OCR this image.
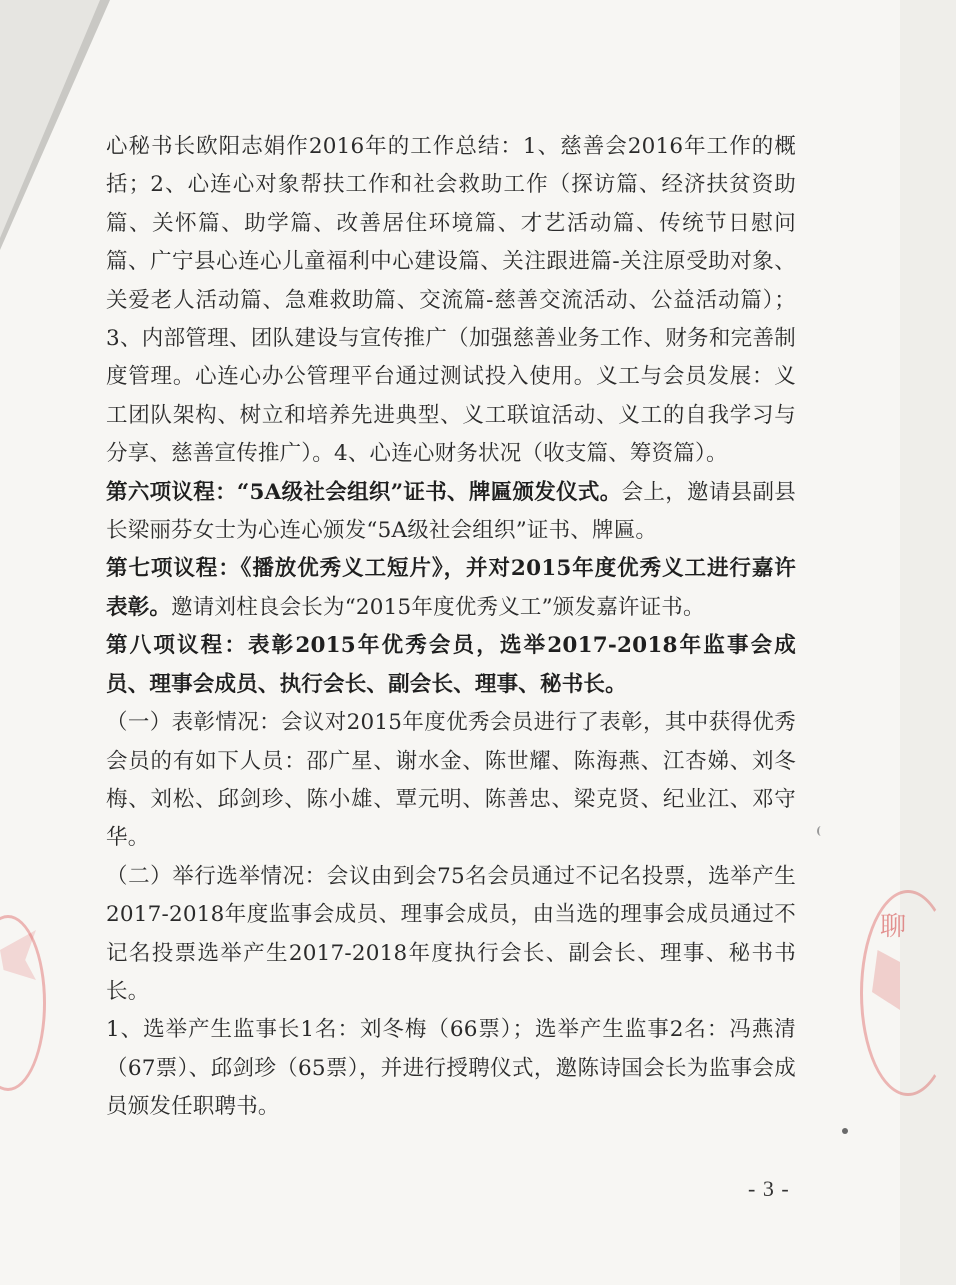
聊

心秘书长欧阳志娟作2016年的工作总结：1、慈善会2016年工作的概括；2、心连心对象帮扶工作和社会救助工作（探访篇、经济扶贫资助篇、关怀篇、助学篇、改善居住环境篇、才艺活动篇、传统节日慰问篇、广宁县心连心儿童福利中心建设篇、关注跟进篇-关注原受助对象、关爱老人活动篇、急难救助篇、交流篇-慈善交流活动、公益活动篇）；3、内部管理、团队建设与宣传推广（加强慈善业务工作、财务和完善制度管理。心连心办公管理平台通过测试投入使用。义工与会员发展：义工团队架构、树立和培养先进典型、义工联谊活动、义工的自我学习与分享、慈善宣传推广）。4、心连心财务状况（收支篇、筹资篇）。

第六项议程：“5A级社会组织”证书、牌匾颁发仪式。会上，邀请县副县长梁丽芬女士为心连心颁发“5A级社会组织”证书、牌匾。

第七项议程：《播放优秀义工短片》，并对2015年度优秀义工进行嘉许表彰。邀请刘柱良会长为“2015年度优秀义工”颁发嘉许证书。

第八项议程：表彰2015年优秀会员，选举2017-2018年监事会成员、理事会成员、执行会长、副会长、理事、秘书长。

（一）表彰情况：会议对2015年度优秀会员进行了表彰，其中获得优秀会员的有如下人员：邵广星、谢水金、陈世耀、陈海燕、江杏娣、刘冬梅、刘松、邱剑珍、陈小雄、覃元明、陈善忠、梁克贤、纪业江、邓守华。

（二）举行选举情况：会议由到会75名会员通过不记名投票，选举产生2017-2018年度监事会成员、理事会成员，由当选的理事会成员通过不记名投票选举产生2017-2018年度执行会长、副会长、理事、秘书书长。

1、选举产生监事长1名：刘冬梅（66票）；选举产生监事2名：冯燕清（67票）、邱剑珍（65票），并进行授聘仪式，邀陈诗国会长为监事会成员颁发任职聘书。

- 3 -
